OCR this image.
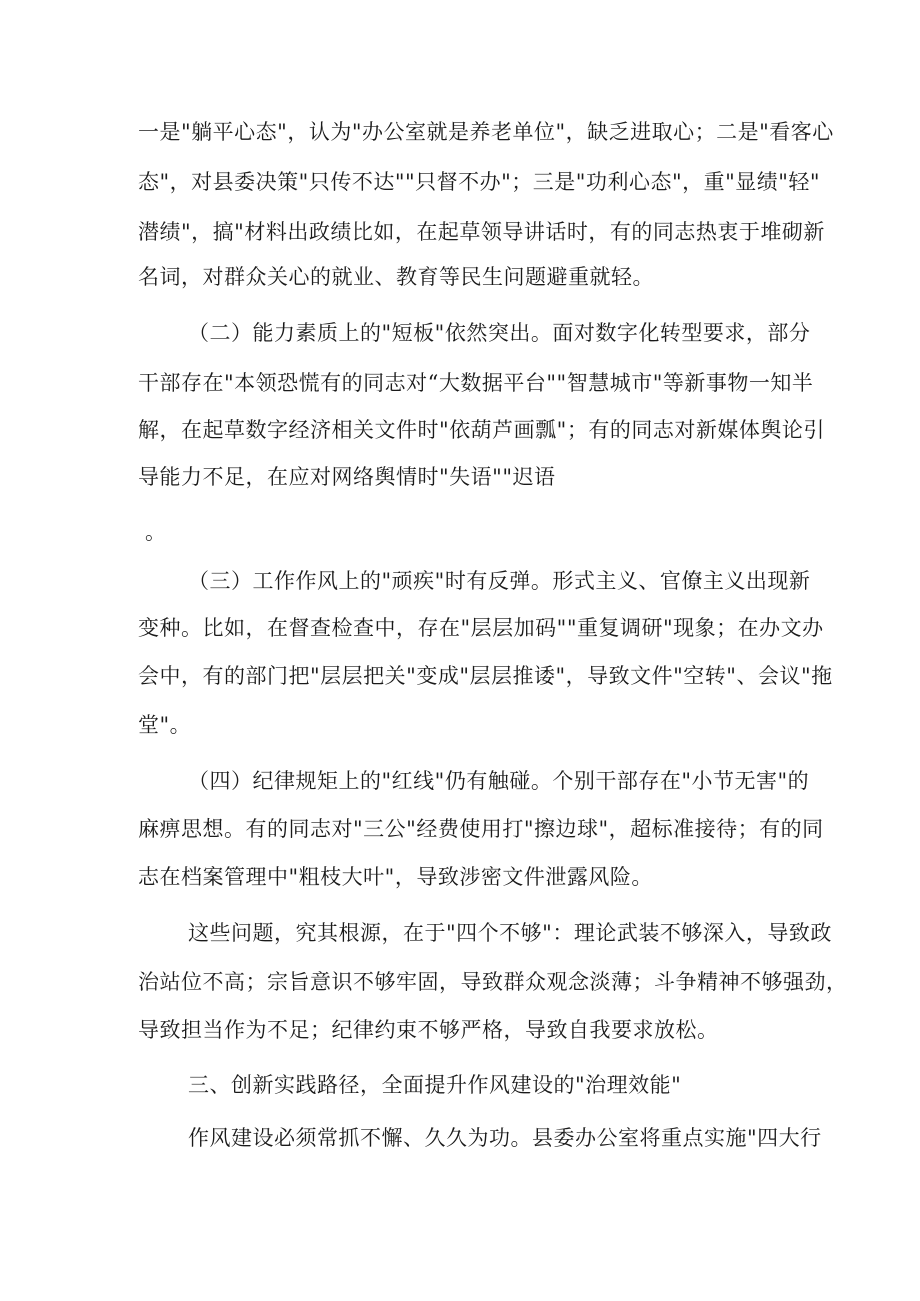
一是"躺平心态"，认为"办公室就是养老单位"，缺乏进取心；二是"看客心

态"，对县委决策"只传不达""只督不办"；三是"功利心态"，重"显绩"轻"

潜绩"，搞"材料出政绩比如，在起草领导讲话时，有的同志热衷于堆砌新

名词，对群众关心的就业、教育等民生问题避重就轻。

（二）能力素质上的"短板"依然突出。面对数字化转型要求，部分

干部存在"本领恐慌有的同志对“大数据平台""智慧城市"等新事物一知半

解，在起草数字经济相关文件时"依葫芦画瓢"；有的同志对新媒体舆论引

导能力不足，在应对网络舆情时"失语""迟语

。

（三）工作作风上的"顽疾"时有反弹。形式主义、官僚主义出现新

变种。比如，在督查检查中，存在"层层加码""重复调研"现象；在办文办

会中，有的部门把"层层把关"变成"层层推诿"，导致文件"空转"、会议"拖

堂"。

（四）纪律规矩上的"红线"仍有触碰。个别干部存在"小节无害"的

麻痹思想。有的同志对"三公"经费使用打"擦边球"，超标准接待；有的同

志在档案管理中"粗枝大叶"，导致涉密文件泄露风险。

这些问题，究其根源，在于"四个不够"：理论武装不够深入，导致政

治站位不高；宗旨意识不够牢固，导致群众观念淡薄；斗争精神不够强劲，

导致担当作为不足；纪律约束不够严格，导致自我要求放松。

三、创新实践路径，全面提升作风建设的"治理效能"

作风建设必须常抓不懈、久久为功。县委办公室将重点实施"四大行
